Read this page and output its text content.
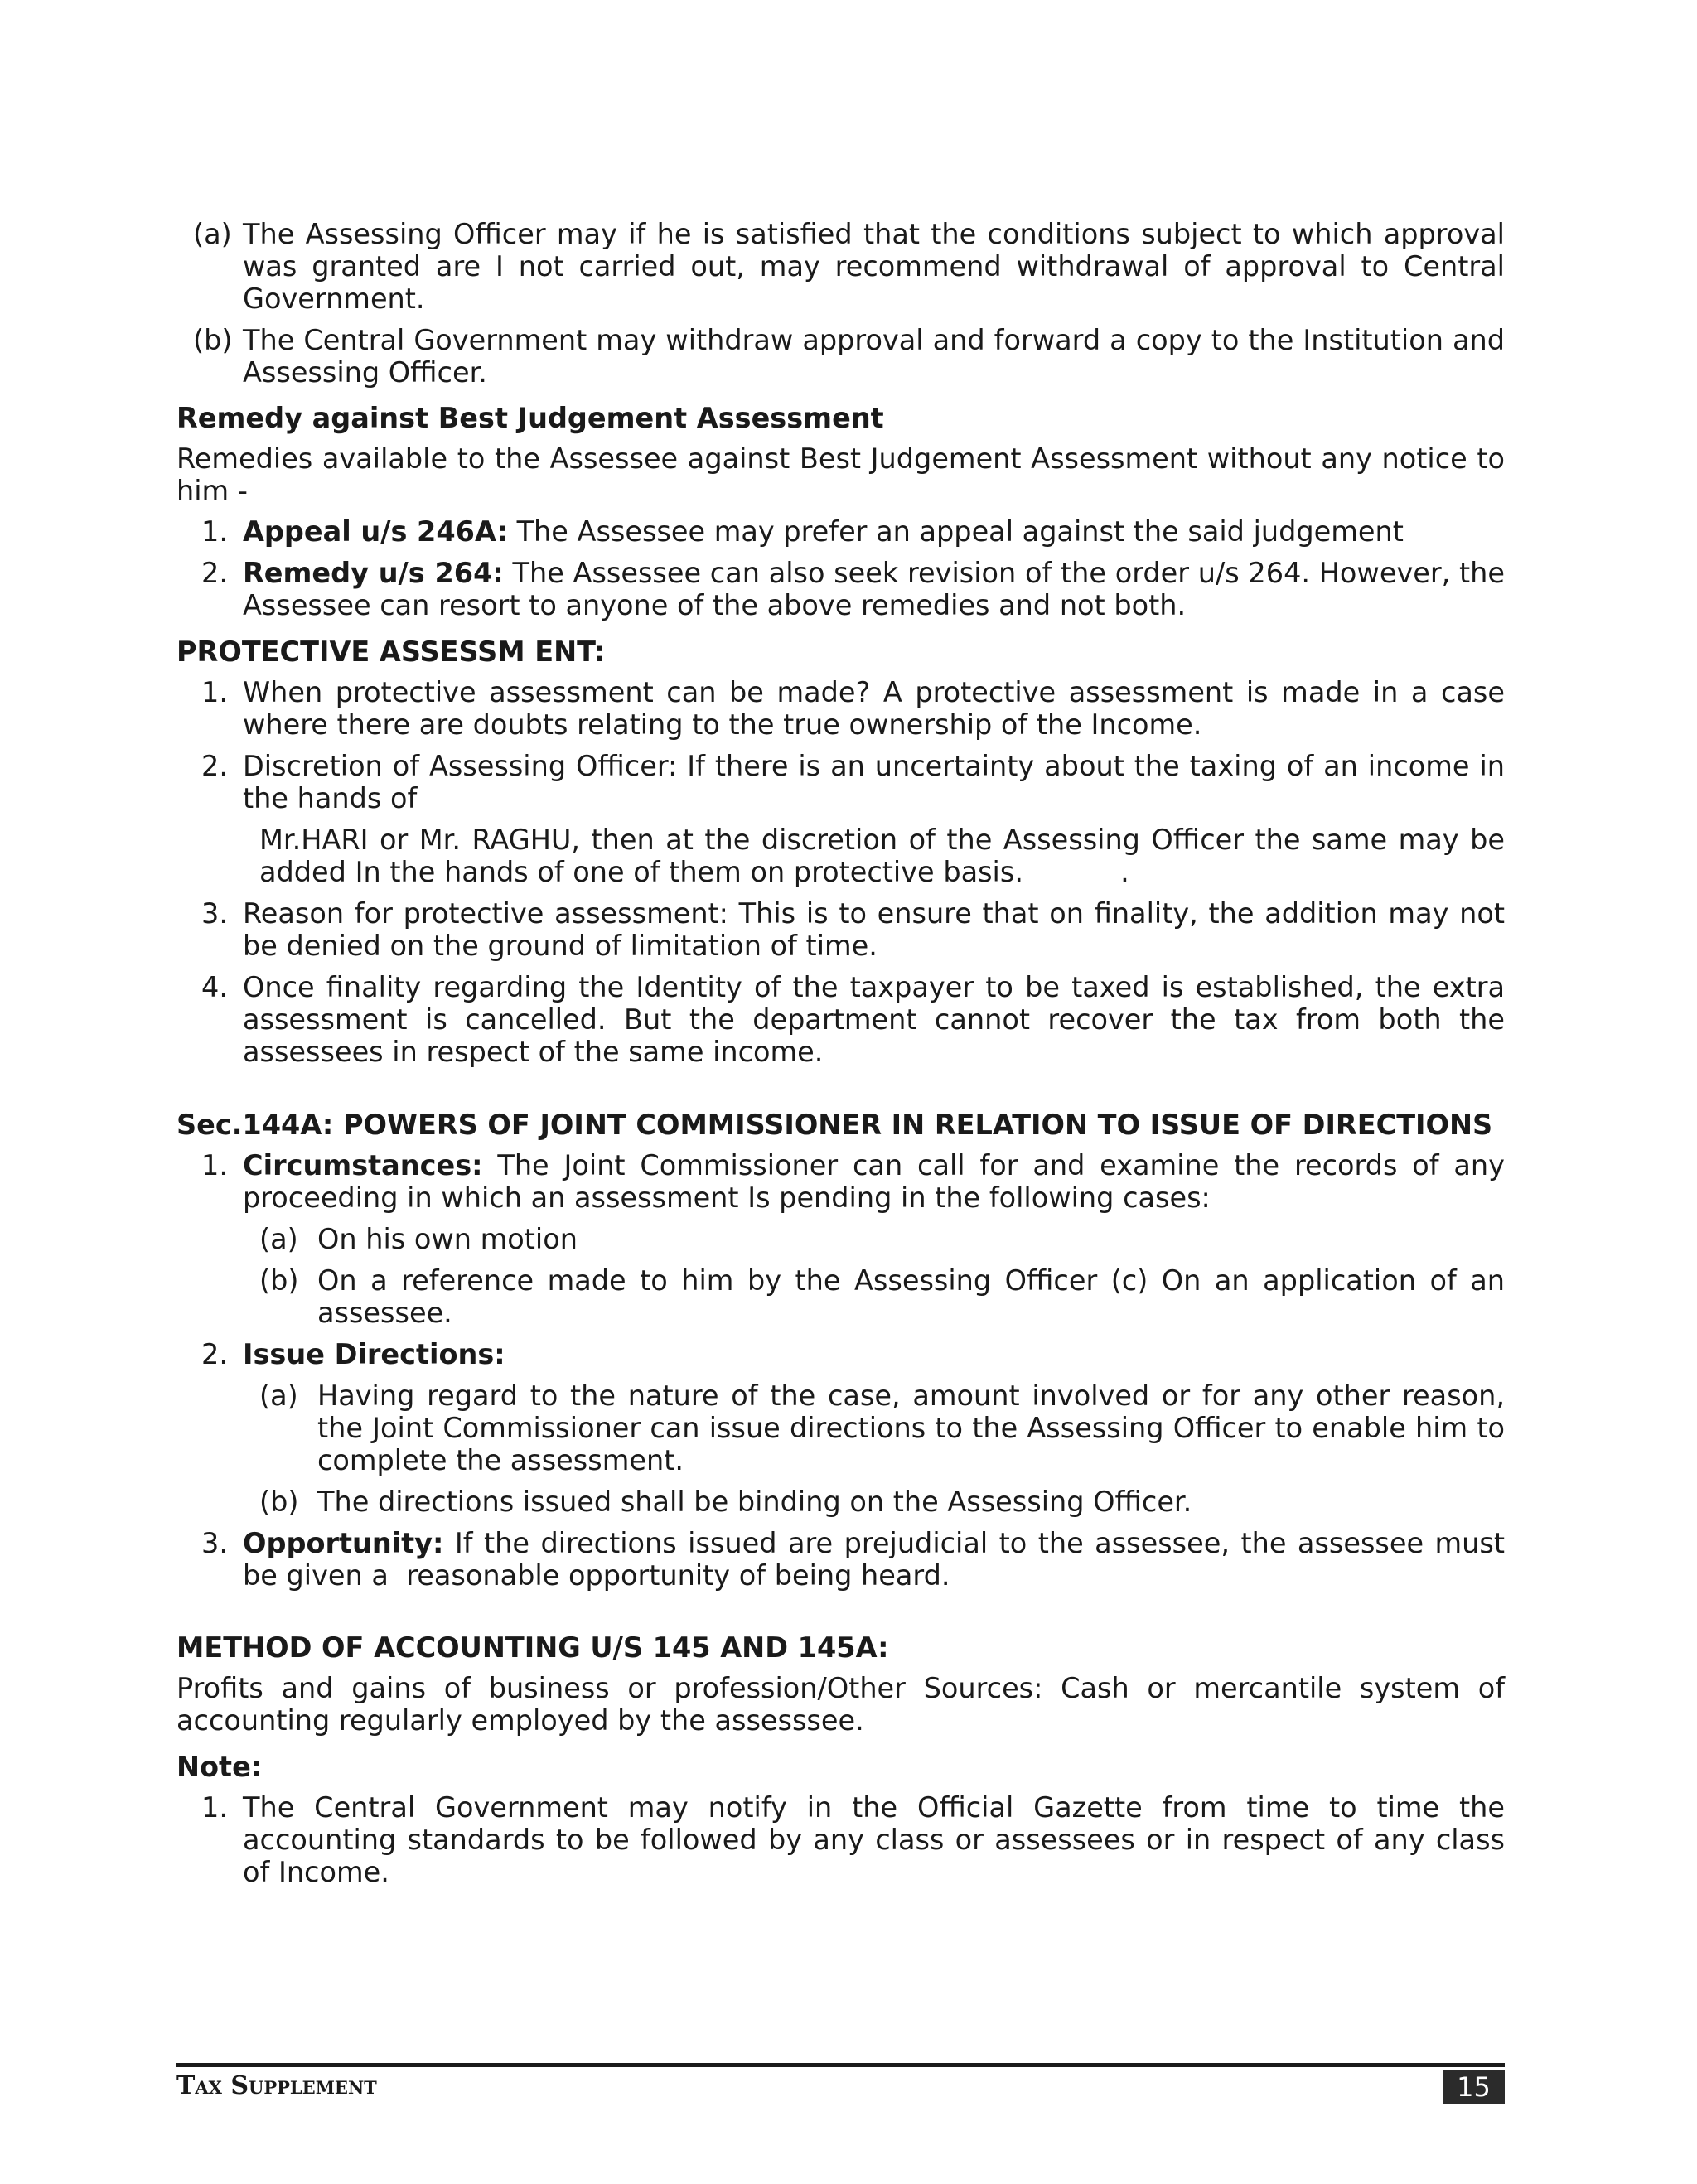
(a) The Assessing Officer may if he is satisfied that the conditions subject to which approval was granted are I not carried out, may recommend withdrawal of approval to Central Government.
(b) The Central Government may withdraw approval and forward a copy to the Institution and Assessing Officer.
Remedy against Best Judgement Assessment
Remedies available to the Assessee against Best Judgement Assessment without any notice to him -
1. Appeal u/s 246A: The Assessee may prefer an appeal against the said judgement
2. Remedy u/s 264: The Assessee can also seek revision of the order u/s 264. However, the Assessee can resort to anyone of the above remedies and not both.
PROTECTIVE ASSESSM ENT:
1. When protective assessment can be made? A protective assessment is made in a case where there are doubts relating to the true ownership of the Income.
2. Discretion of Assessing Officer: If there is an uncertainty about the taxing of an income in the hands of
Mr.HARI or Mr. RAGHU, then at the discretion of the Assessing Officer the same may be added In the hands of one of them on protective basis.           .
3. Reason for protective assessment: This is to ensure that on finality, the addition may not be denied on the ground of limitation of time.
4. Once finality regarding the Identity of the taxpayer to be taxed is established, the extra assessment is cancelled. But the department cannot recover the tax from both the assessees in respect of the same income.
Sec.144A: POWERS OF JOINT COMMISSIONER IN RELATION TO ISSUE OF DIRECTIONS
1. Circumstances: The Joint Commissioner can call for and examine the records of any proceeding in which an assessment Is pending in the following cases:
(a) On his own motion
(b) On a reference made to him by the Assessing Officer (c) On an application of an assessee.
2. Issue Directions:
(a) Having regard to the nature of the case, amount involved or for any other reason, the Joint Commissioner can issue directions to the Assessing Officer to enable him to complete the assessment.
(b) The directions issued shall be binding on the Assessing Officer.
3. Opportunity: If the directions issued are prejudicial to the assessee, the assessee must be given a  reasonable opportunity of being heard.
METHOD OF ACCOUNTING U/S 145 AND 145A:
Profits and gains of business or profession/Other Sources: Cash or mercantile system of accounting regularly employed by the assesssee.
Note:
1. The Central Government may notify in the Official Gazette from time to time the accounting standards to be followed by any class or assessees or in respect of any class of Income.
Tax Supplement	15
